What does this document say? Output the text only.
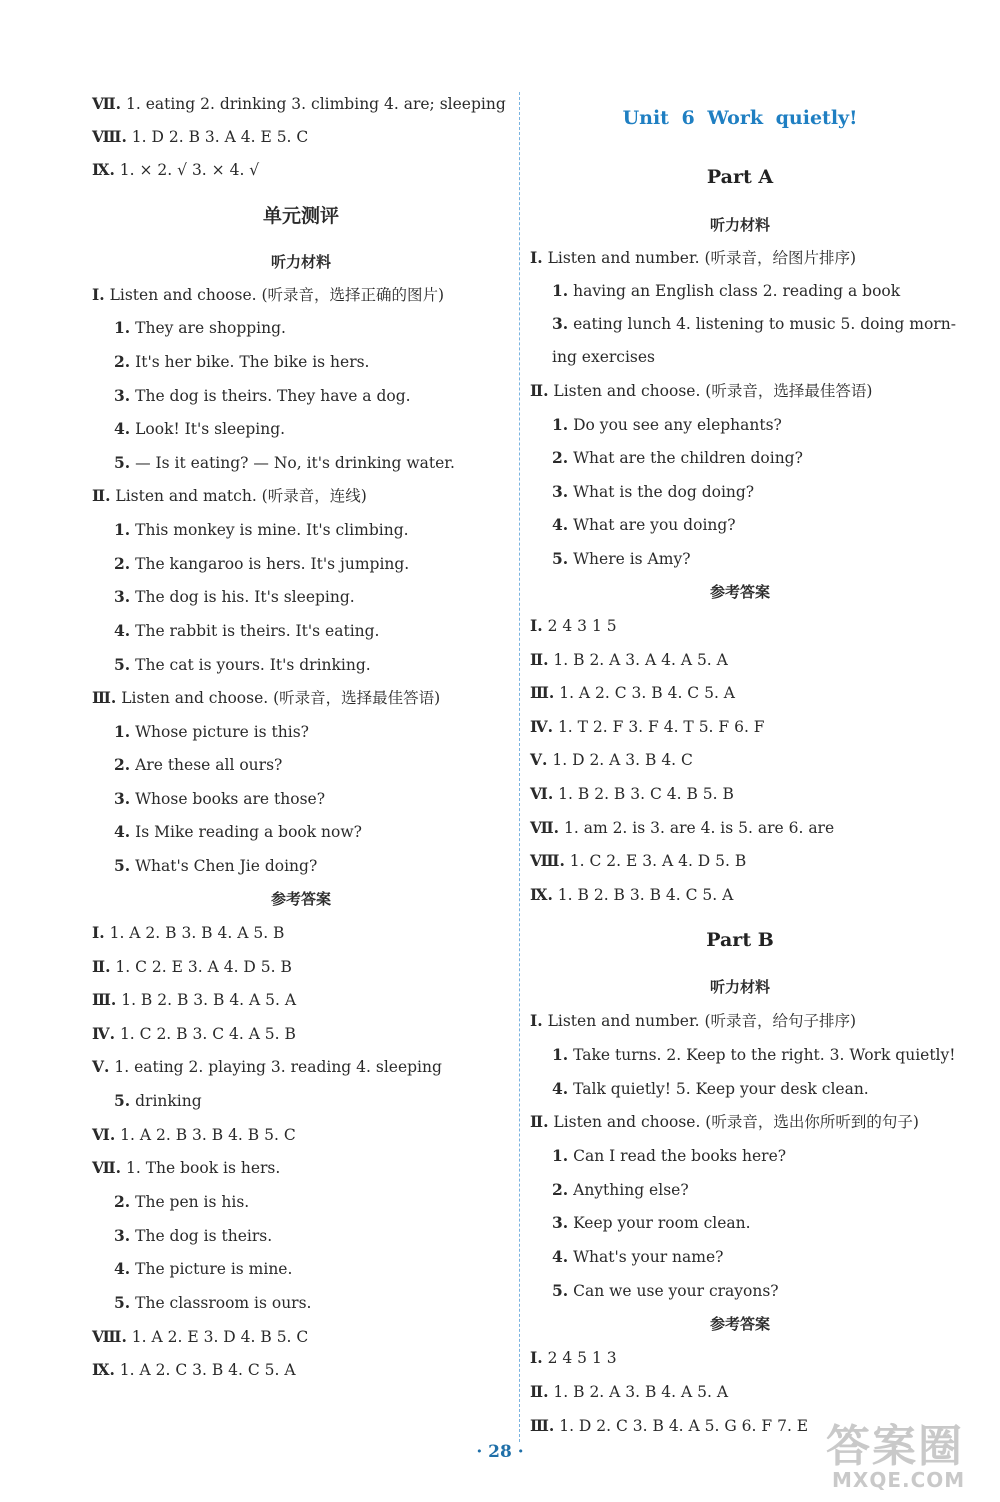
Ⅶ. 1. eating 2. drinking 3. climbing 4. are; sleeping
Ⅷ. 1. D 2. B 3. A 4. E 5. C
Ⅸ. 1. × 2. √ 3. × 4. √
单元测评
听力材料
Ⅰ. Listen and choose. (听录音，选择正确的图片)
1. They are shopping.
2. It's her bike. The bike is hers.
3. The dog is theirs. They have a dog.
4. Look! It's sleeping.
5. — Is it eating? — No, it's drinking water.
Ⅱ. Listen and match. (听录音，连线)
1. This monkey is mine. It's climbing.
2. The kangaroo is hers. It's jumping.
3. The dog is his. It's sleeping.
4. The rabbit is theirs. It's eating.
5. The cat is yours. It's drinking.
Ⅲ. Listen and choose. (听录音，选择最佳答语)
1. Whose picture is this?
2. Are these all ours?
3. Whose books are those?
4. Is Mike reading a book now?
5. What's Chen Jie doing?
参考答案
Ⅰ. 1. A 2. B 3. B 4. A 5. B
Ⅱ. 1. C 2. E 3. A 4. D 5. B
Ⅲ. 1. B 2. B 3. B 4. A 5. A
Ⅳ. 1. C 2. B 3. C 4. A 5. B
Ⅴ. 1. eating 2. playing 3. reading 4. sleeping
5. drinking
Ⅵ. 1. A 2. B 3. B 4. B 5. C
Ⅶ. 1. The book is hers.
2. The pen is his.
3. The dog is theirs.
4. The picture is mine.
5. The classroom is ours.
Ⅷ. 1. A 2. E 3. D 4. B 5. C
Ⅸ. 1. A 2. C 3. B 4. C 5. A
Unit 6 Work quietly!
Part A
听力材料
Ⅰ. Listen and number. (听录音，给图片排序)
1. having an English class 2. reading a book
3. eating lunch 4. listening to music 5. doing morn-
ing exercises
Ⅱ. Listen and choose. (听录音，选择最佳答语)
1. Do you see any elephants?
2. What are the children doing?
3. What is the dog doing?
4. What are you doing?
5. Where is Amy?
参考答案
Ⅰ. 2 4 3 1 5
Ⅱ. 1. B 2. A 3. A 4. A 5. A
Ⅲ. 1. A 2. C 3. B 4. C 5. A
Ⅳ. 1. T 2. F 3. F 4. T 5. F 6. F
Ⅴ. 1. D 2. A 3. B 4. C
Ⅵ. 1. B 2. B 3. C 4. B 5. B
Ⅶ. 1. am 2. is 3. are 4. is 5. are 6. are
Ⅷ. 1. C 2. E 3. A 4. D 5. B
Ⅸ. 1. B 2. B 3. B 4. C 5. A
Part B
听力材料
Ⅰ. Listen and number. (听录音，给句子排序)
1. Take turns. 2. Keep to the right. 3. Work quietly!
4. Talk quietly! 5. Keep your desk clean.
Ⅱ. Listen and choose. (听录音，选出你所听到的句子)
1. Can I read the books here?
2. Anything else?
3. Keep your room clean.
4. What's your name?
5. Can we use your crayons?
参考答案
Ⅰ. 2 4 5 1 3
Ⅱ. 1. B 2. A 3. B 4. A 5. A
Ⅲ. 1. D 2. C 3. B 4. A 5. G 6. F 7. E
· 28 ·	答案圈
MXQE.COM
